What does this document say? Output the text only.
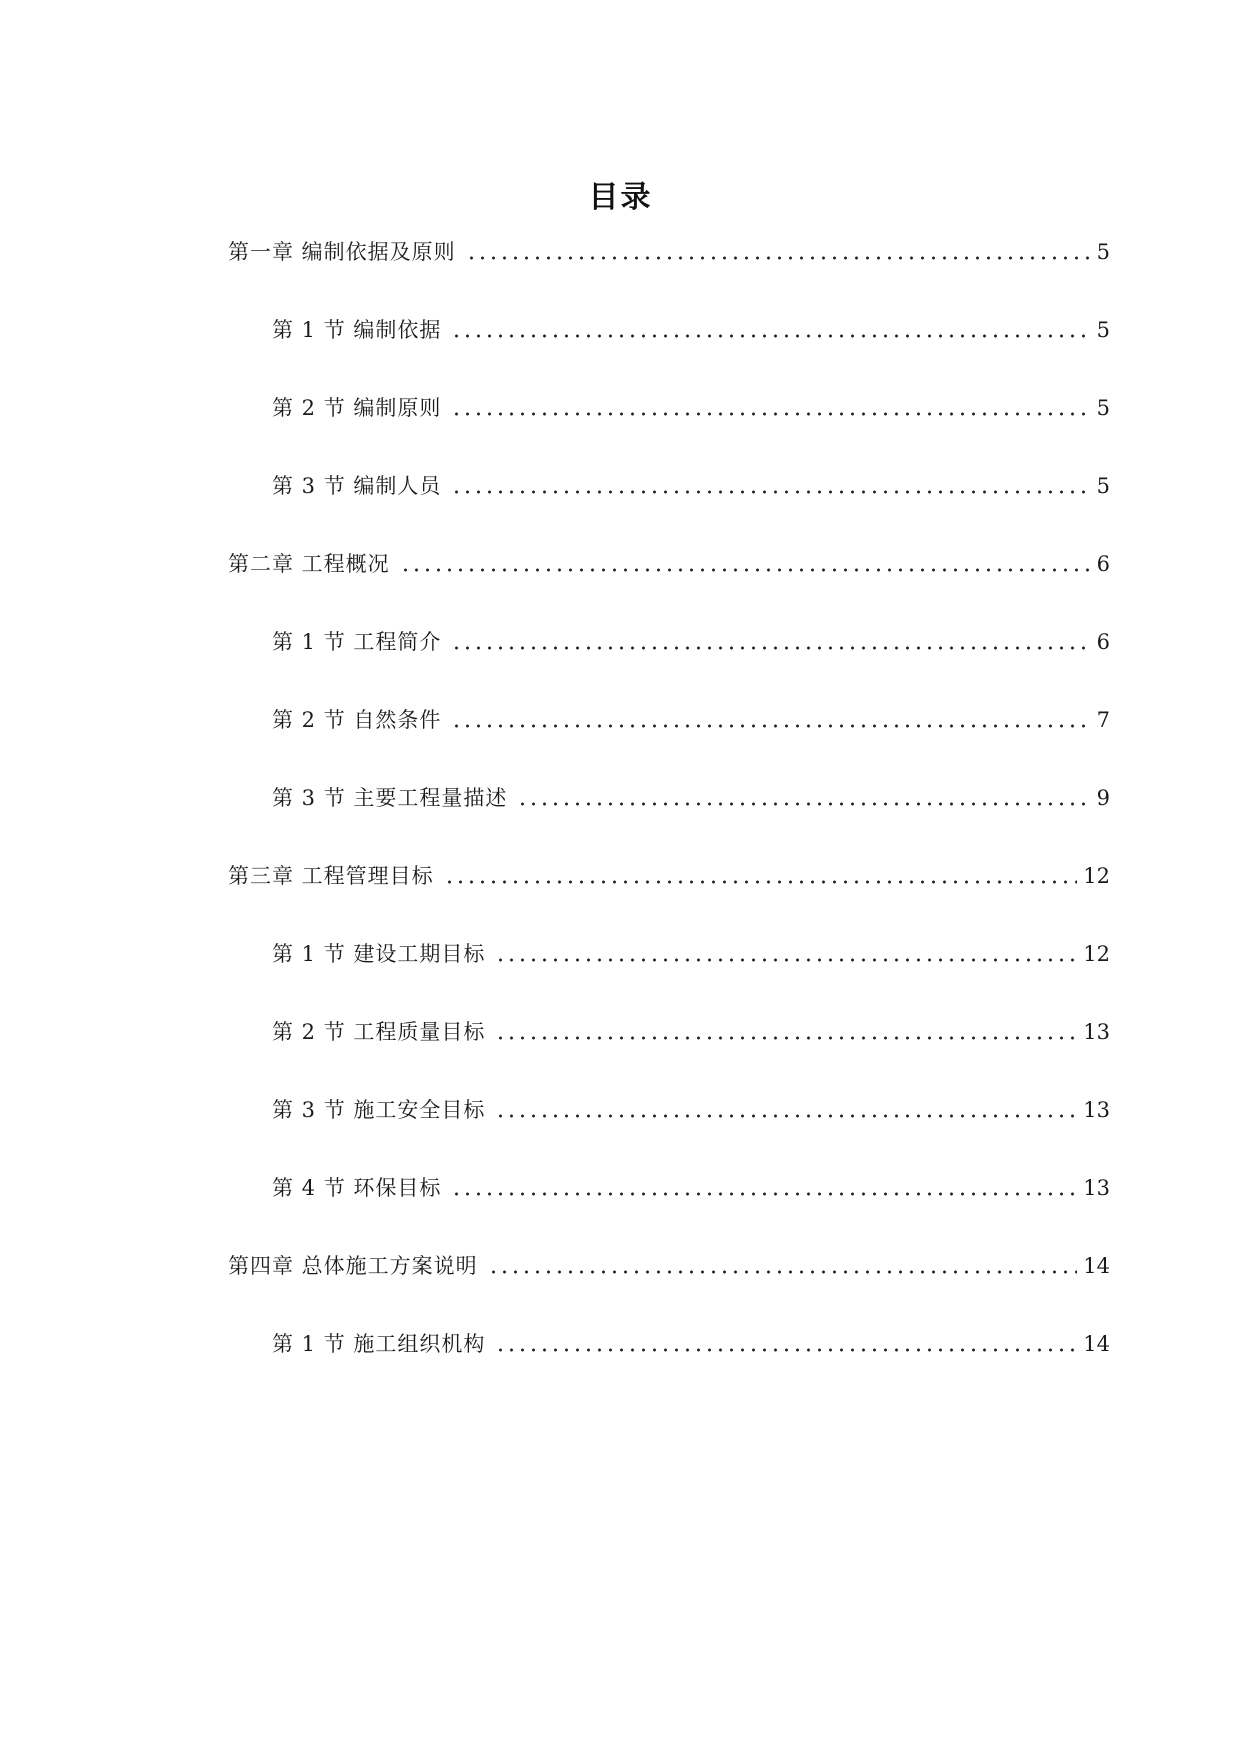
目录
第一章 编制依据及原则	5
第 1 节 编制依据	5
第 2 节 编制原则	5
第 3 节 编制人员	5
第二章 工程概况	6
第 1 节 工程简介	6
第 2 节 自然条件	7
第 3 节 主要工程量描述	9
第三章 工程管理目标	12
第 1 节 建设工期目标	12
第 2 节 工程质量目标	13
第 3 节 施工安全目标	13
第 4 节 环保目标	13
第四章 总体施工方案说明	14
第 1 节 施工组织机构	14
